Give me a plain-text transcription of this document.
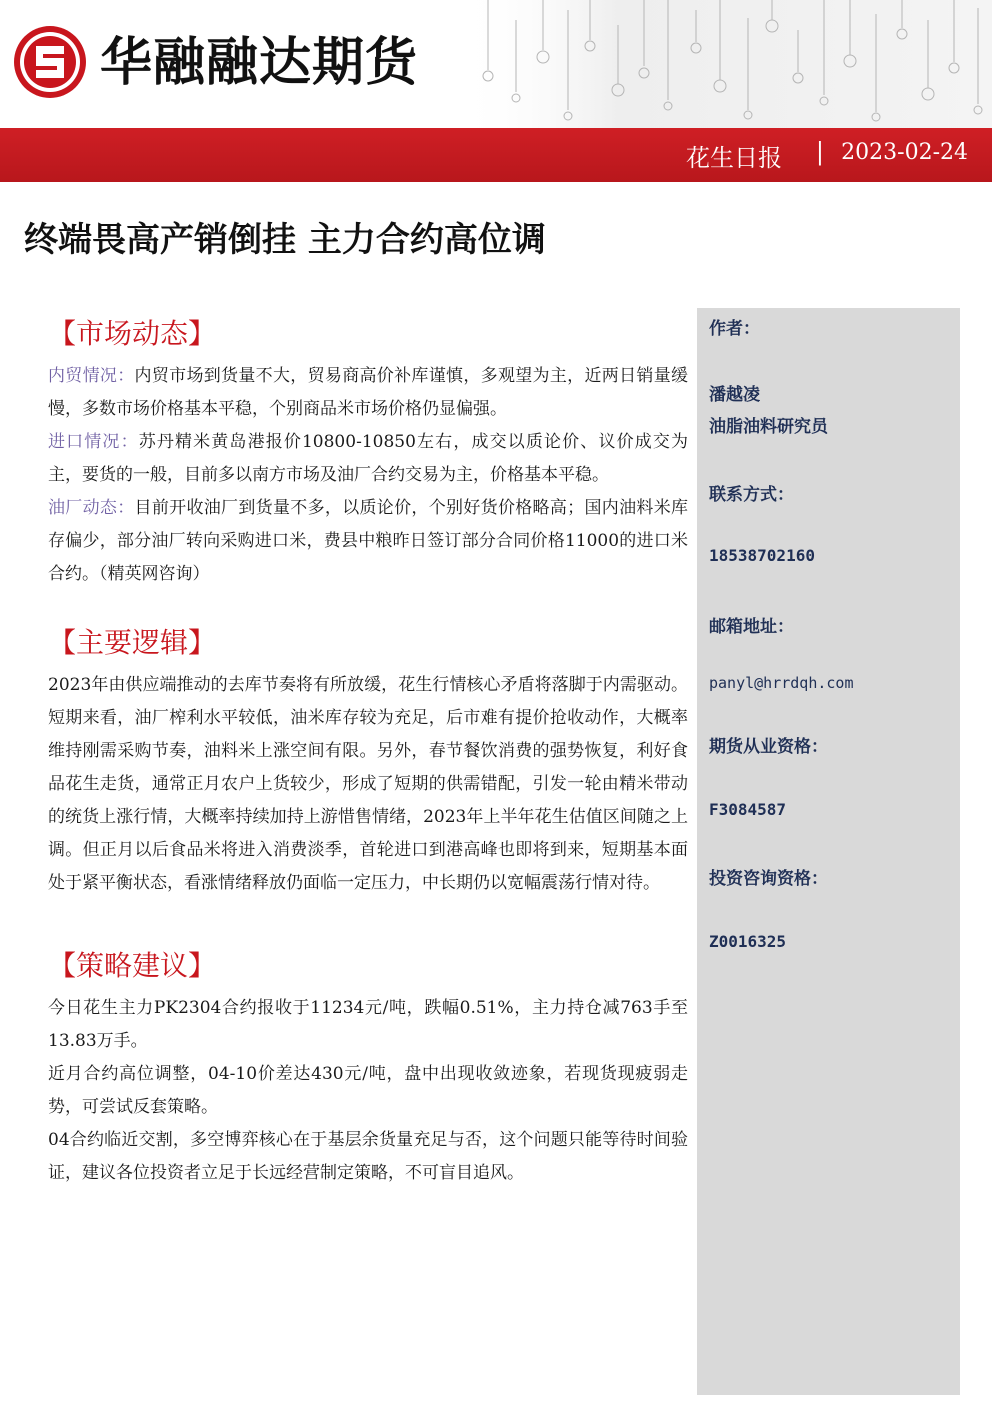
华融融达期货
花生日报 | 2023-02-24
终端畏高产销倒挂 主力合约高位调
【市场动态】

内贸情况：内贸市场到货量不大，贸易商高价补库谨慎，多观望为主，近两日销量缓慢，多数市场价格基本平稳，个别商品米市场价格仍显偏强。

进口情况：苏丹精米黄岛港报价10800-10850左右，成交以质论价、议价成交为主，要货的一般，目前多以南方市场及油厂合约交易为主，价格基本平稳。

油厂动态：目前开收油厂到货量不多，以质论价，个别好货价格略高；国内油料米库存偏少，部分油厂转向采购进口米，费县中粮昨日签订部分合同价格11000的进口米合约。（精英网咨询）

【主要逻辑】

2023年由供应端推动的去库节奏将有所放缓，花生行情核心矛盾将落脚于内需驱动。短期来看，油厂榨利水平较低，油米库存较为充足，后市难有提价抢收动作，大概率维持刚需采购节奏，油料米上涨空间有限。另外，春节餐饮消费的强势恢复，利好食品花生走货，通常正月农户上货较少，形成了短期的供需错配，引发一轮由精米带动的统货上涨行情，大概率持续加持上游惜售情绪，2023年上半年花生估值区间随之上调。但正月以后食品米将进入消费淡季，首轮进口到港高峰也即将到来，短期基本面处于紧平衡状态，看涨情绪释放仍面临一定压力，中长期仍以宽幅震荡行情对待。

【策略建议】

今日花生主力PK2304合约报收于11234元/吨，跌幅0.51%，主力持仓减763手至13.83万手。

近月合约高位调整，04-10价差达430元/吨，盘中出现收敛迹象，若现货现疲弱走势，可尝试反套策略。

04合约临近交割，多空博弈核心在于基层余货量充足与否，这个问题只能等待时间验证，建议各位投资者立足于长远经营制定策略，不可盲目追风。

作者：
潘越凌
油脂油料研究员
联系方式：
18538702160
邮箱地址：
panyl@hrrdqh.com
期货从业资格：
F3084587
投资咨询资格：
Z0016325
